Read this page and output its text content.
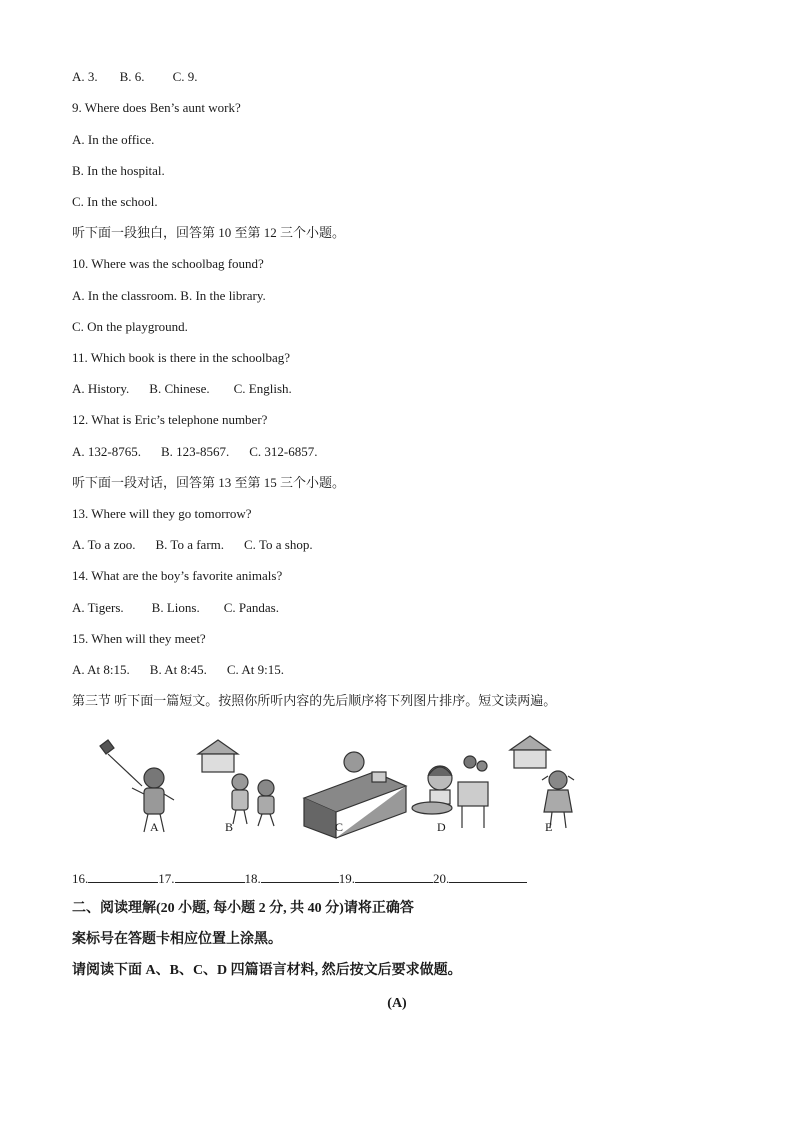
A. 3. B. 6. C. 9.
9. Where does Ben’s aunt work?
A. In the office.
B. In the hospital.
C. In the school.
听下面一段独白，回答第 10 至第 12 三个小题。
10. Where was the schoolbag found?
A. In the classroom. B. In the library.
C. On the playground.
11. Which book is there in the schoolbag?
A. History. B. Chinese. C. English.
12. What is Eric’s telephone number?
A. 132-8765. B. 123-8567. C. 312-6857.
听下面一段对话，回答第 13 至第 15 三个小题。
13. Where will they go tomorrow?
A. To a zoo. B. To a farm. C. To a shop.
14. What are the boy’s favorite animals?
A. Tigers. B. Lions. C. Pandas.
15. When will they meet?
A. At 8:15. B. At 8:45. C. At 9:15.
第三节 听下面一篇短文。按照你所听内容的先后顺序将下列图片排序。短文读两遍。
A	B	C	D	E
16.	17.	18.	19.	20.
二、阅读理解(20 小题, 每小题 2 分, 共 40 分)请将正确答
案标号在答题卡相应位置上涂黑。
请阅读下面 A、B、C、D 四篇语言材料, 然后按文后要求做题。
(A)
